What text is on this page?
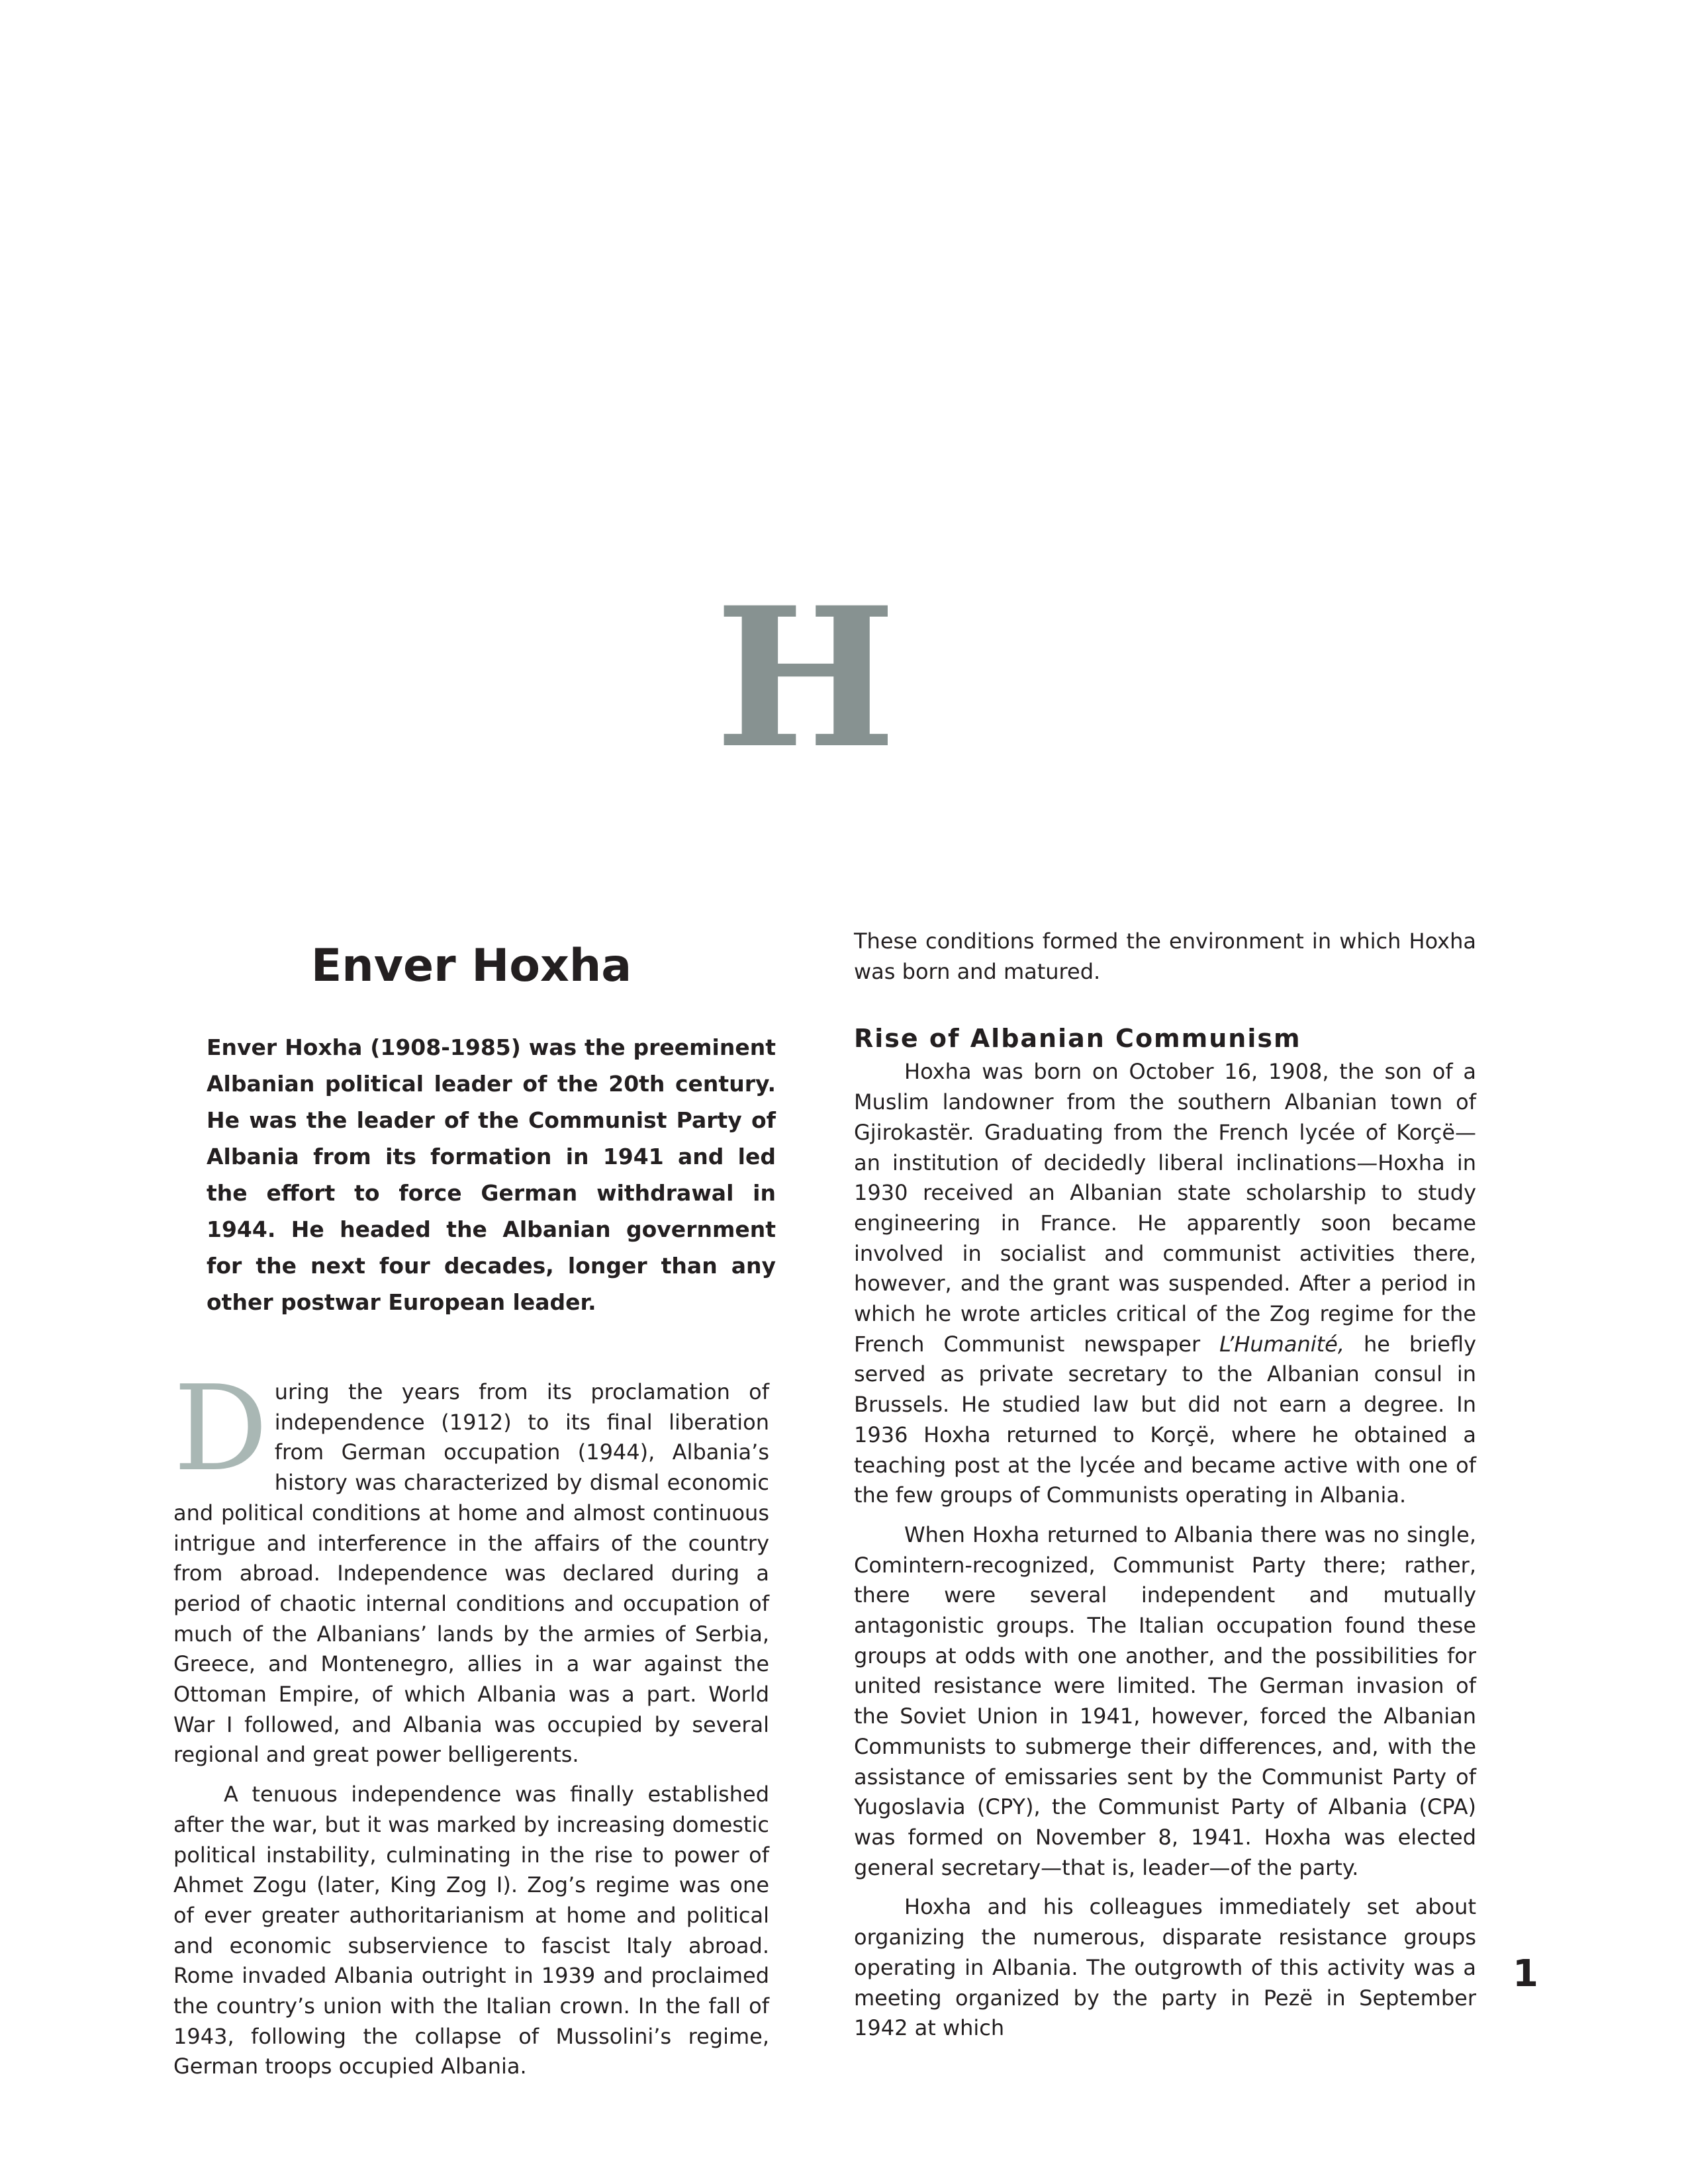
H
Enver Hoxha
Enver Hoxha (1908-1985) was the preeminent Albanian political leader of the 20th century. He was the leader of the Communist Party of Albania from its formation in 1941 and led the effort to force German withdrawal in 1944. He headed the Albanian government for the next four decades, longer than any other postwar European leader.

During the years from its proclamation of independence (1912) to its final liberation from German occupation (1944), Albania’s history was characterized by dismal economic and political conditions at home and almost continuous intrigue and interference in the affairs of the country from abroad. Independence was declared during a period of chaotic internal conditions and occupation of much of the Albanians’ lands by the armies of Serbia, Greece, and Montenegro, allies in a war against the Ottoman Empire, of which Albania was a part. World War I followed, and Albania was occupied by several regional and great power belligerents.

A tenuous independence was finally established after the war, but it was marked by increasing domestic political instability, culminating in the rise to power of Ahmet Zogu (later, King Zog I). Zog’s regime was one of ever greater authoritarianism at home and political and economic subservience to fascist Italy abroad. Rome invaded Albania outright in 1939 and proclaimed the country’s union with the Italian crown. In the fall of 1943, following the collapse of Mussolini’s regime, German troops occupied Albania.

These conditions formed the environment in which Hoxha was born and matured.

Rise of Albanian Communism

Hoxha was born on October 16, 1908, the son of a Muslim landowner from the southern Albanian town of Gjirokastër. Graduating from the French lycée of Korçë—an institution of decidedly liberal inclinations—Hoxha in 1930 received an Albanian state scholarship to study engineering in France. He apparently soon became involved in socialist and communist activities there, however, and the grant was suspended. After a period in which he wrote articles critical of the Zog regime for the French Communist newspaper L’Humanité, he briefly served as private secretary to the Albanian consul in Brussels. He studied law but did not earn a degree. In 1936 Hoxha returned to Korçë, where he obtained a teaching post at the lycée and became active with one of the few groups of Communists operating in Albania.

When Hoxha returned to Albania there was no single, Comintern-recognized, Communist Party there; rather, there were several independent and mutually antagonistic groups. The Italian occupation found these groups at odds with one another, and the possibilities for united resistance were limited. The German invasion of the Soviet Union in 1941, however, forced the Albanian Communists to submerge their differences, and, with the assistance of emissaries sent by the Communist Party of Yugoslavia (CPY), the Communist Party of Albania (CPA) was formed on November 8, 1941. Hoxha was elected general secretary—that is, leader—of the party.

Hoxha and his colleagues immediately set about organizing the numerous, disparate resistance groups operating in Albania. The outgrowth of this activity was a meeting organized by the party in Pezë in September 1942 at which

1
